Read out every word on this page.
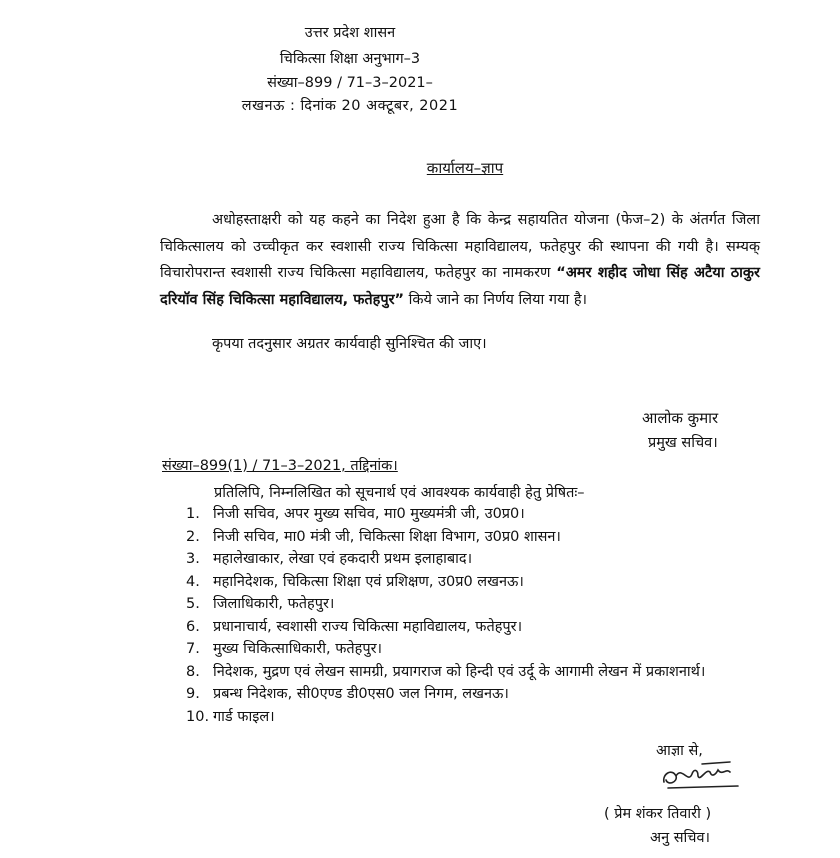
उत्तर प्रदेश शासन
चिकित्सा शिक्षा अनुभाग–3
संख्या–899 / 71–3–2021–
लखनऊ : दिनांक 20 अक्टूबर, 2021
कार्यालय–ज्ञाप
अधोहस्ताक्षरी को यह कहने का निदेश हुआ है कि केन्द्र सहायतित योजना (फेज–2) के अंतर्गत जिला चिकित्सालय को उच्चीकृत कर स्वशासी राज्य चिकित्सा महाविद्यालय, फतेहपुर की स्थापना की गयी है। सम्यक् विचारोपरान्त स्वशासी राज्य चिकित्सा महाविद्यालय, फतेहपुर का नामकरण “अमर शहीद जोधा सिंह अटैया ठाकुर दरियॉव सिंह चिकित्सा महाविद्यालय, फतेहपुर” किये जाने का निर्णय लिया गया है।
कृपया तदनुसार अग्रतर कार्यवाही सुनिश्चित की जाए।
आलोक कुमार
प्रमुख सचिव।
संख्या–899(1) / 71–3–2021, तद्दिनांक।
प्रतिलिपि, निम्नलिखित को सूचनार्थ एवं आवश्यक कार्यवाही हेतु प्रेषितः–
1. निजी सचिव, अपर मुख्य सचिव, मा0 मुख्यमंत्री जी, उ0प्र0।
2. निजी सचिव, मा0 मंत्री जी, चिकित्सा शिक्षा विभाग, उ0प्र0 शासन।
3. महालेखाकार, लेखा एवं हकदारी प्रथम इलाहाबाद।
4. महानिदेशक, चिकित्सा शिक्षा एवं प्रशिक्षण, उ0प्र0 लखनऊ।
5. जिलाधिकारी, फतेहपुर।
6. प्रधानाचार्य, स्वशासी राज्य चिकित्सा महाविद्यालय, फतेहपुर।
7. मुख्य चिकित्साधिकारी, फतेहपुर।
8. निदेशक, मुद्रण एवं लेखन सामग्री, प्रयागराज को हिन्दी एवं उर्दू के आगामी लेखन में प्रकाशनार्थ।
9. प्रबन्ध निदेशक, सी0एण्ड डी0एस0 जल निगम, लखनऊ।
10. गार्ड फाइल।
आज्ञा से,
( प्रेम शंकर तिवारी )
अनु सचिव।
